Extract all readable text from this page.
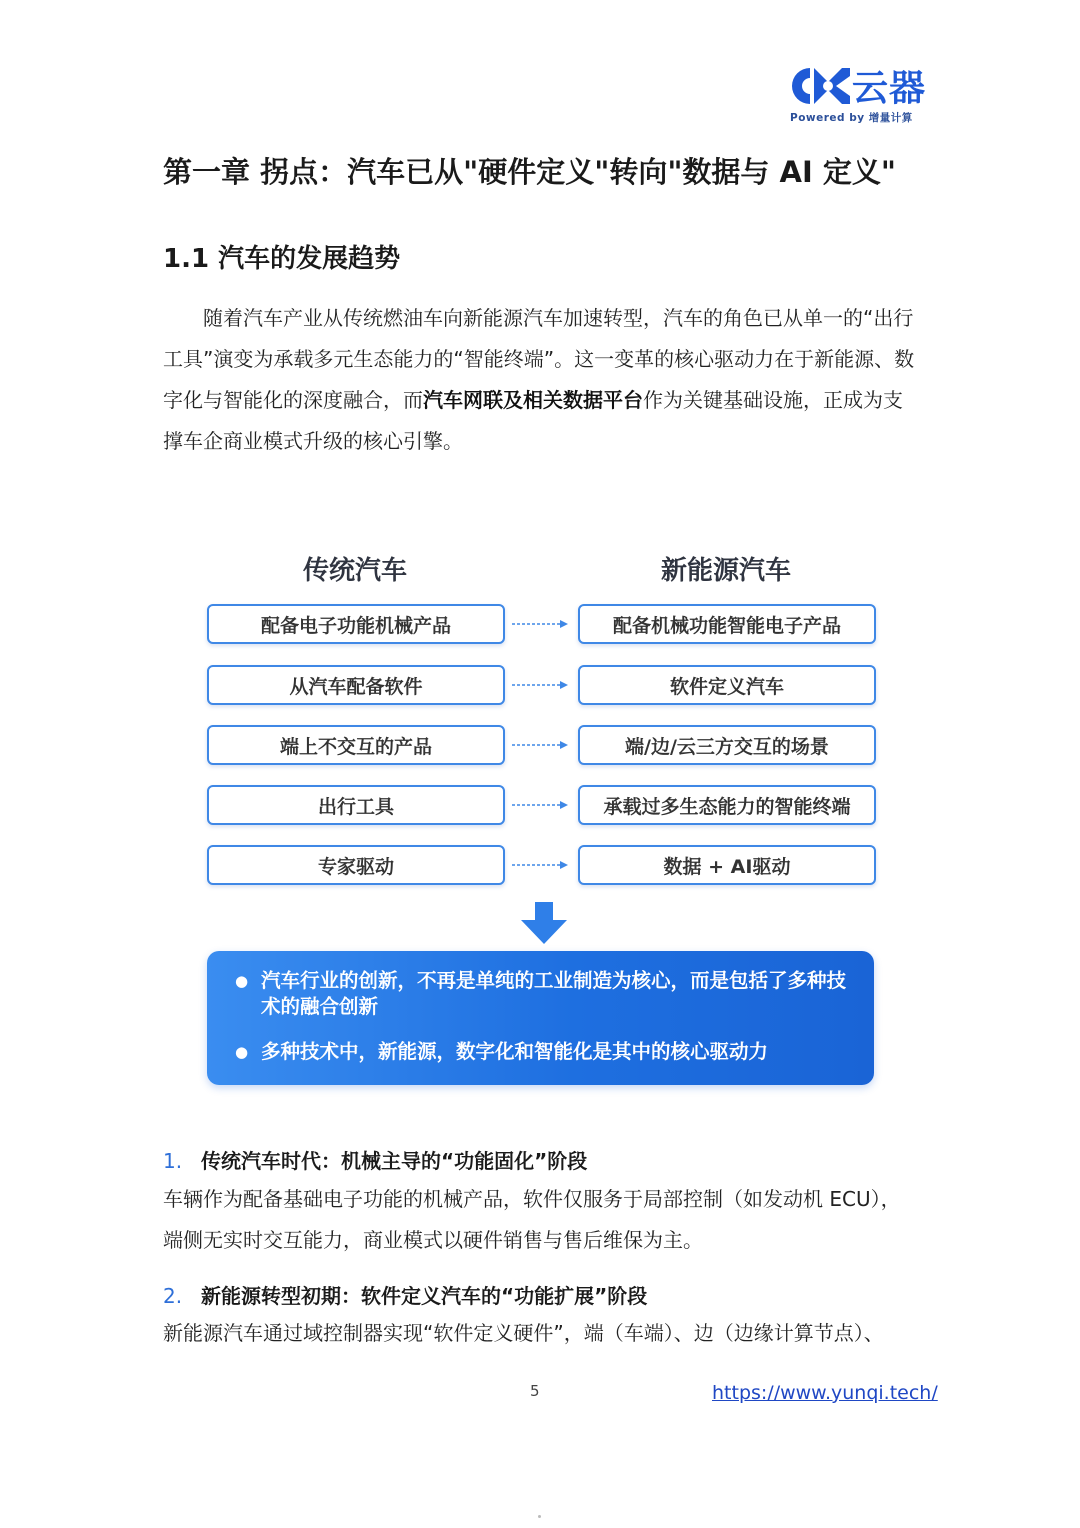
云器
Powered by 增量计算
第一章 拐点：汽车已从"硬件定义"转向"数据与 AI 定义"
1.1 汽车的发展趋势

随着汽车产业从传统燃油车向新能源汽车加速转型，汽车的角色已从单一的“出行工具”演变为承载多元生态能力的“智能终端”。这一变革的核心驱动力在于新能源、数字化与智能化的深度融合，而汽车网联及相关数据平台作为关键基础设施，正成为支撑车企商业模式升级的核心引擎。

传统汽车	新能源汽车
配备电子功能机械产品
从汽车配备软件
端上不交互的产品
出行工具
专家驱动
配备机械功能智能电子产品
软件定义汽车
端/边/云三方交互的场景
承载过多生态能力的智能终端
数据 + AI驱动
● 汽车行业的创新，不再是单纯的工业制造为核心，而是包括了多种技术的融合创新
● 多种技术中，新能源，数字化和智能化是其中的核心驱动力
1. 传统汽车时代：机械主导的“功能固化”阶段

车辆作为配备基础电子功能的机械产品，软件仅服务于局部控制（如发动机 ECU），端侧无实时交互能力，商业模式以硬件销售与售后维保为主。

2. 新能源转型初期：软件定义汽车的“功能扩展”阶段

新能源汽车通过域控制器实现“软件定义硬件”，端（车端）、边（边缘计算节点）、

5	https://www.yunqi.tech/
